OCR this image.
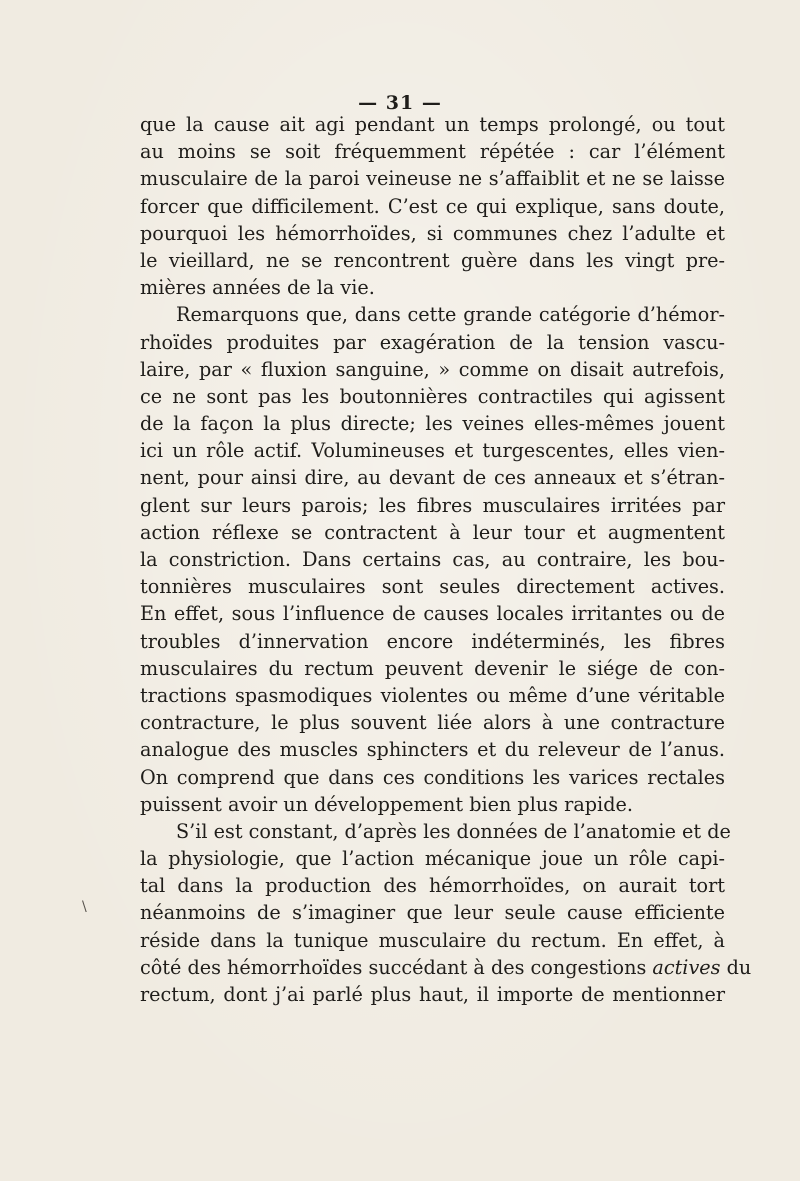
— 31 —
que la cause ait agi pendant un temps prolongé, ou tout
au moins se soit fréquemment répétée : car l’élément
musculaire de la paroi veineuse ne s’affaiblit et ne se laisse
forcer que difficilement. C’est ce qui explique, sans doute,
pourquoi les hémorrhoïdes, si communes chez l’adulte et
le vieillard, ne se rencontrent guère dans les vingt pre-
mières années de la vie.
Remarquons que, dans cette grande catégorie d’hémor-
rhoïdes produites par exagération de la tension vascu-
laire, par « fluxion sanguine, » comme on disait autrefois,
ce ne sont pas les boutonnières contractiles qui agissent
de la façon la plus directe; les veines elles-mêmes jouent
ici un rôle actif. Volumineuses et turgescentes, elles vien-
nent, pour ainsi dire, au devant de ces anneaux et s’étran-
glent sur leurs parois; les fibres musculaires irritées par
action réflexe se contractent à leur tour et augmentent
la constriction. Dans certains cas, au contraire, les bou-
tonnières musculaires sont seules directement actives.
En effet, sous l’influence de causes locales irritantes ou de
troubles d’innervation encore indéterminés, les fibres
musculaires du rectum peuvent devenir le siége de con-
tractions spasmodiques violentes ou même d’une véritable
contracture, le plus souvent liée alors à une contracture
analogue des muscles sphincters et du releveur de l’anus.
On comprend que dans ces conditions les varices rectales
puissent avoir un développement bien plus rapide.
S’il est constant, d’après les données de l’anatomie et de
la physiologie, que l’action mécanique joue un rôle capi-
tal dans la production des hémorrhoïdes, on aurait tort
néanmoins de s’imaginer que leur seule cause efficiente
réside dans la tunique musculaire du rectum. En effet, à
côté des hémorrhoïdes succédant à des congestions actives du
rectum, dont j’ai parlé plus haut, il importe de mentionner
\
